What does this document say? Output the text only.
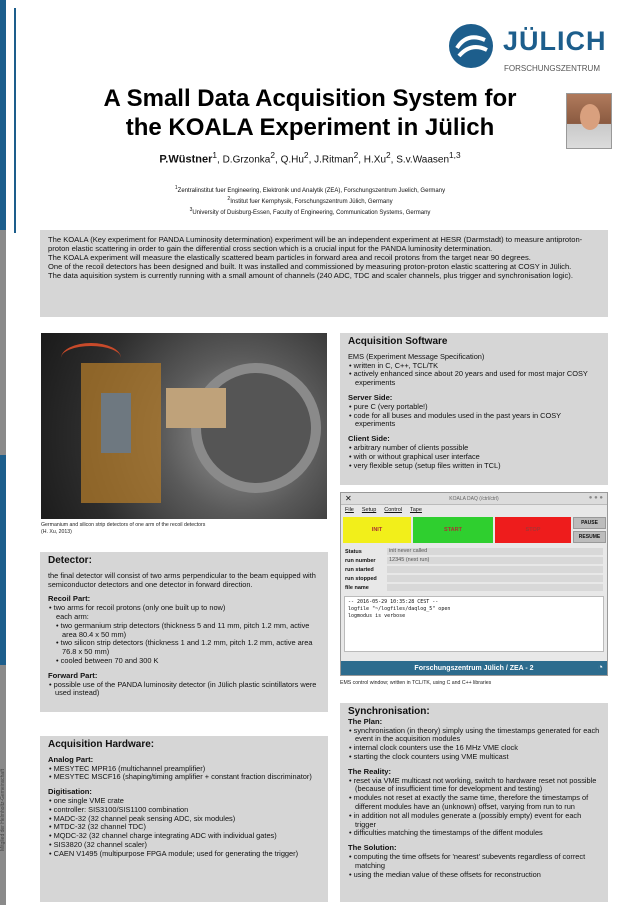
Mitglied der Helmholtz-Gemeinschaft
JÜLICH
FORSCHUNGSZENTRUM
A Small Data Acquisition System for
the KOALA Experiment in Jülich
P.Wüstner$^1$, D.Grzonka$^2$, Q.Hu$^2$, J.Ritman$^2$, H.Xu$^2$, S.v.Waasen$^{1,3}$
$^1$Zentralinstitut fuer Engineering, Elektronik und Analytik (ZEA), Forschungszentrum Juelich, Germany
$^2$Institut fuer Kernphysik, Forschungszentrum Jülich, Germany
$^3$University of Duisburg-Essen, Faculty of Engineering, Communication Systems, Germany
The KOALA (Key experiment for PANDA Luminosity determination) experiment will be an independent experiment at HESR (Darmstadt) to measure antiproton-proton elastic scattering in order to gain the differential cross section which is a crucial input for the PANDA luminosity determination.
The KOALA experiment will measure the elastically scattered beam particles in forward area and recoil protons from the target near 90 degrees.
One of the recoil detectors has been designed and built. It was installed and commissioned by measuring proton-proton elastic scattering at COSY in Jülich.
The data aquisition system is currently running with a small amount of channels (240 ADC, TDC and scaler channels, plus trigger and synchronisation logic).
Germanium and silicon strip detectors of one arm of the recoil detectors
(H. Xu, 2013)
Detector:
the final detector will consist of two arms perpendicular to the beam equipped with semiconductor detectors and one detector in forward direction.
Recoil Part:
• two arms for recoil protons (only one built up to now)
each arm:
• two germanium strip detectors (thickness 5 and 11 mm, pitch 1.2 mm, active area 80.4 x 50 mm)
• two silicon strip detectors (thickness 1 and 1.2 mm, pitch 1.2 mm, active area 76.8 x 50 mm)
• cooled between 70 and 300 K
Forward Part:
• possible use of the PANDA luminosity detector (in Jülich plastic scintillators were used instead)
Acquisition Hardware:
Analog Part:
• MESYTEC MPR16 (multichannel preamplifier)
• MESYTEC MSCF16 (shaping/timing amplifier + constant fraction discriminator)
Digitisation:
• one single VME crate
• controller: SIS3100/SIS1100 combination
• MADC-32 (32 channel peak sensing ADC, six modules)
• MTDC-32 (32 channel TDC)
• MQDC-32 (32 channel charge integrating ADC with individual gates)
• SIS3820 (32 channel scaler)
• CAEN V1495 (multipurpose FPGA module; used for generating the trigger)
Acquisition Software
EMS (Experiment Message Specification)
• written in C, C++, TCL/TK
• actively enhanced since about 20 years and used for most major COSY experiments
Server Side:
• pure C (very portable!)
• code for all buses and modules used in the past years in COSY experiments
Client Side:
• arbitrary number of clients possible
• with or without graphical user interface
• very flexible setup (setup files written in TCL)
✕	KOALA DAQ (/ctrl/ctrl)	● ● ●
File Setup Control Tape
INIT	START	STOP
PAUSE
RESUME
Status	init never called
run number	12345 (next run)
run started
run stopped
file name
-- 2016-05-29 10:35:28 CEST --
logfile "~/logfiles/daqlog_5" open
logmodus is verbose
Forschungszentrum Jülich / ZEA - 2	◔
EMS control window; written in TCL/TK, using C and C++ libraries
Synchronisation:
The Plan:
• synchronisation (in theory) simply using the timestamps generated for each event in the acquisition modules
• internal clock counters use the 16 MHz VME clock
• starting the clock counters using VME multicast
The Reality:
• reset via VME multicast not working, switch to hardware reset not possible (because of insufficient time for development and testing)
• modules not reset at exactly the same time, therefore the timestamps of different modules have an (unknown) offset, varying from run to run
• in addition not all modules generate a (possibly empty) event for each trigger
• difficulties matching the timestamps of the diffent modules
The Solution:
• computing the time offsets for 'nearest' subevents regardless of correct matching
• using the median value of these offsets for reconstruction
